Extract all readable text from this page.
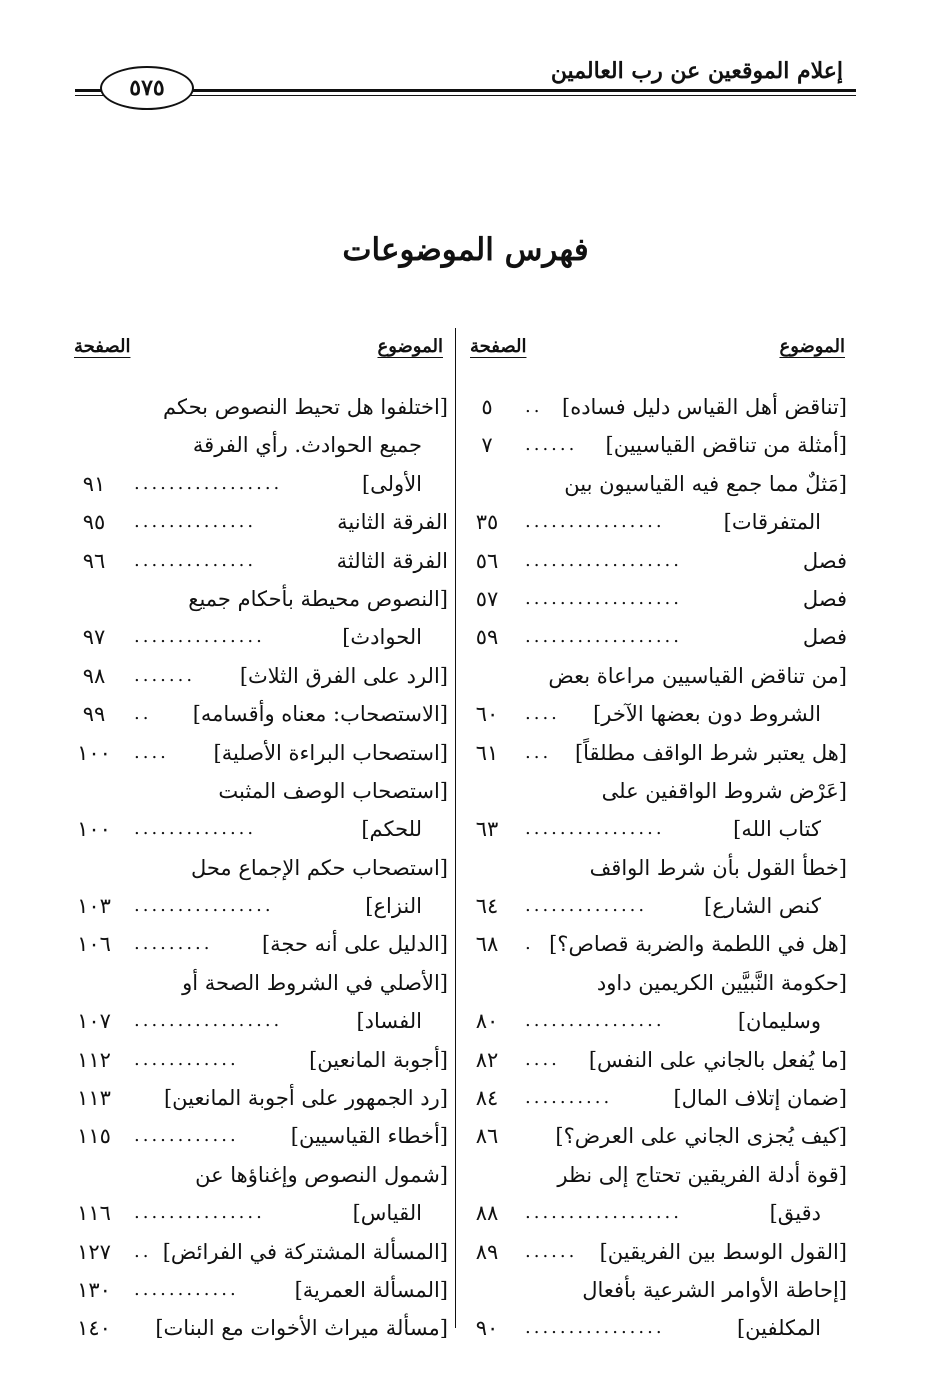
إعلام الموقعين عن رب العالمين
٥٧٥
فهرس الموضوعات
الموضوع
الصفحة
الموضوع
الصفحة
[تناقض أهل القياس دليل فساده]
..
٥
[أمثلة من تناقض القياسيين]
......
٧
[مَثلٌ مما جمع فيه القياسيون بين
المتفرقات]
................
٣٥
فصل
..................
٥٦
فصل
..................
٥٧
فصل
..................
٥٩
[من تناقض القياسيين مراعاة بعض
الشروط دون بعضها الآخر]
....
٦٠
[هل يعتبر شرط الواقف مطلقاً]
...
٦١
[عَرْض شروط الواقفين على
كتاب الله]
................
٦٣
[خطأ القول بأن شرط الواقف
كنص الشارع]
..............
٦٤
[هل في اللطمة والضربة قصاص؟]
.
٦٨
[حكومة النَّبيَّين الكريمين داود
وسليمان]
................
٨٠
[ما يُفعل بالجاني على النفس]
....
٨٢
[ضمان إتلاف المال]
..........
٨٤
[كيف يُجزى الجاني على العرض؟]
٨٦
[قوة أدلة الفريقين تحتاج إلى نظر
دقيق]
..................
٨٨
[القول الوسط بين الفريقين]
......
٨٩
[إحاطة الأوامر الشرعية بأفعال
المكلفين]
................
٩٠
[اختلفوا هل تحيط النصوص بحكم
جميع الحوادث. رأي الفرقة
الأولى]
.................
٩١
الفرقة الثانية
..............
٩٥
الفرقة الثالثة
..............
٩٦
[النصوص محيطة بأحكام جميع
الحوادث]
...............
٩٧
[الرد على الفرق الثلاث]
.......
٩٨
[الاستصحاب: معناه وأقسامه]
..
٩٩
[استصحاب البراءة الأصلية]
....
١٠٠
[استصحاب الوصف المثبت
للحكم]
..............
١٠٠
[استصحاب حكم الإجماع محل
النزاع]
................
١٠٣
[الدليل على أنه حجة]
.........
١٠٦
[الأصلي في الشروط الصحة أو
الفساد]
.................
١٠٧
[أجوبة المانعين]
............
١١٢
[رد الجمهور على أجوبة المانعين]
١١٣
[أخطاء القياسيين]
............
١١٥
[شمول النصوص وإغناؤها عن
القياس]
...............
١١٦
[المسألة المشتركة في الفرائض]
..
١٢٧
[المسألة العمرية]
............
١٣٠
[مسألة ميراث الأخوات مع البنات]
١٤٠
